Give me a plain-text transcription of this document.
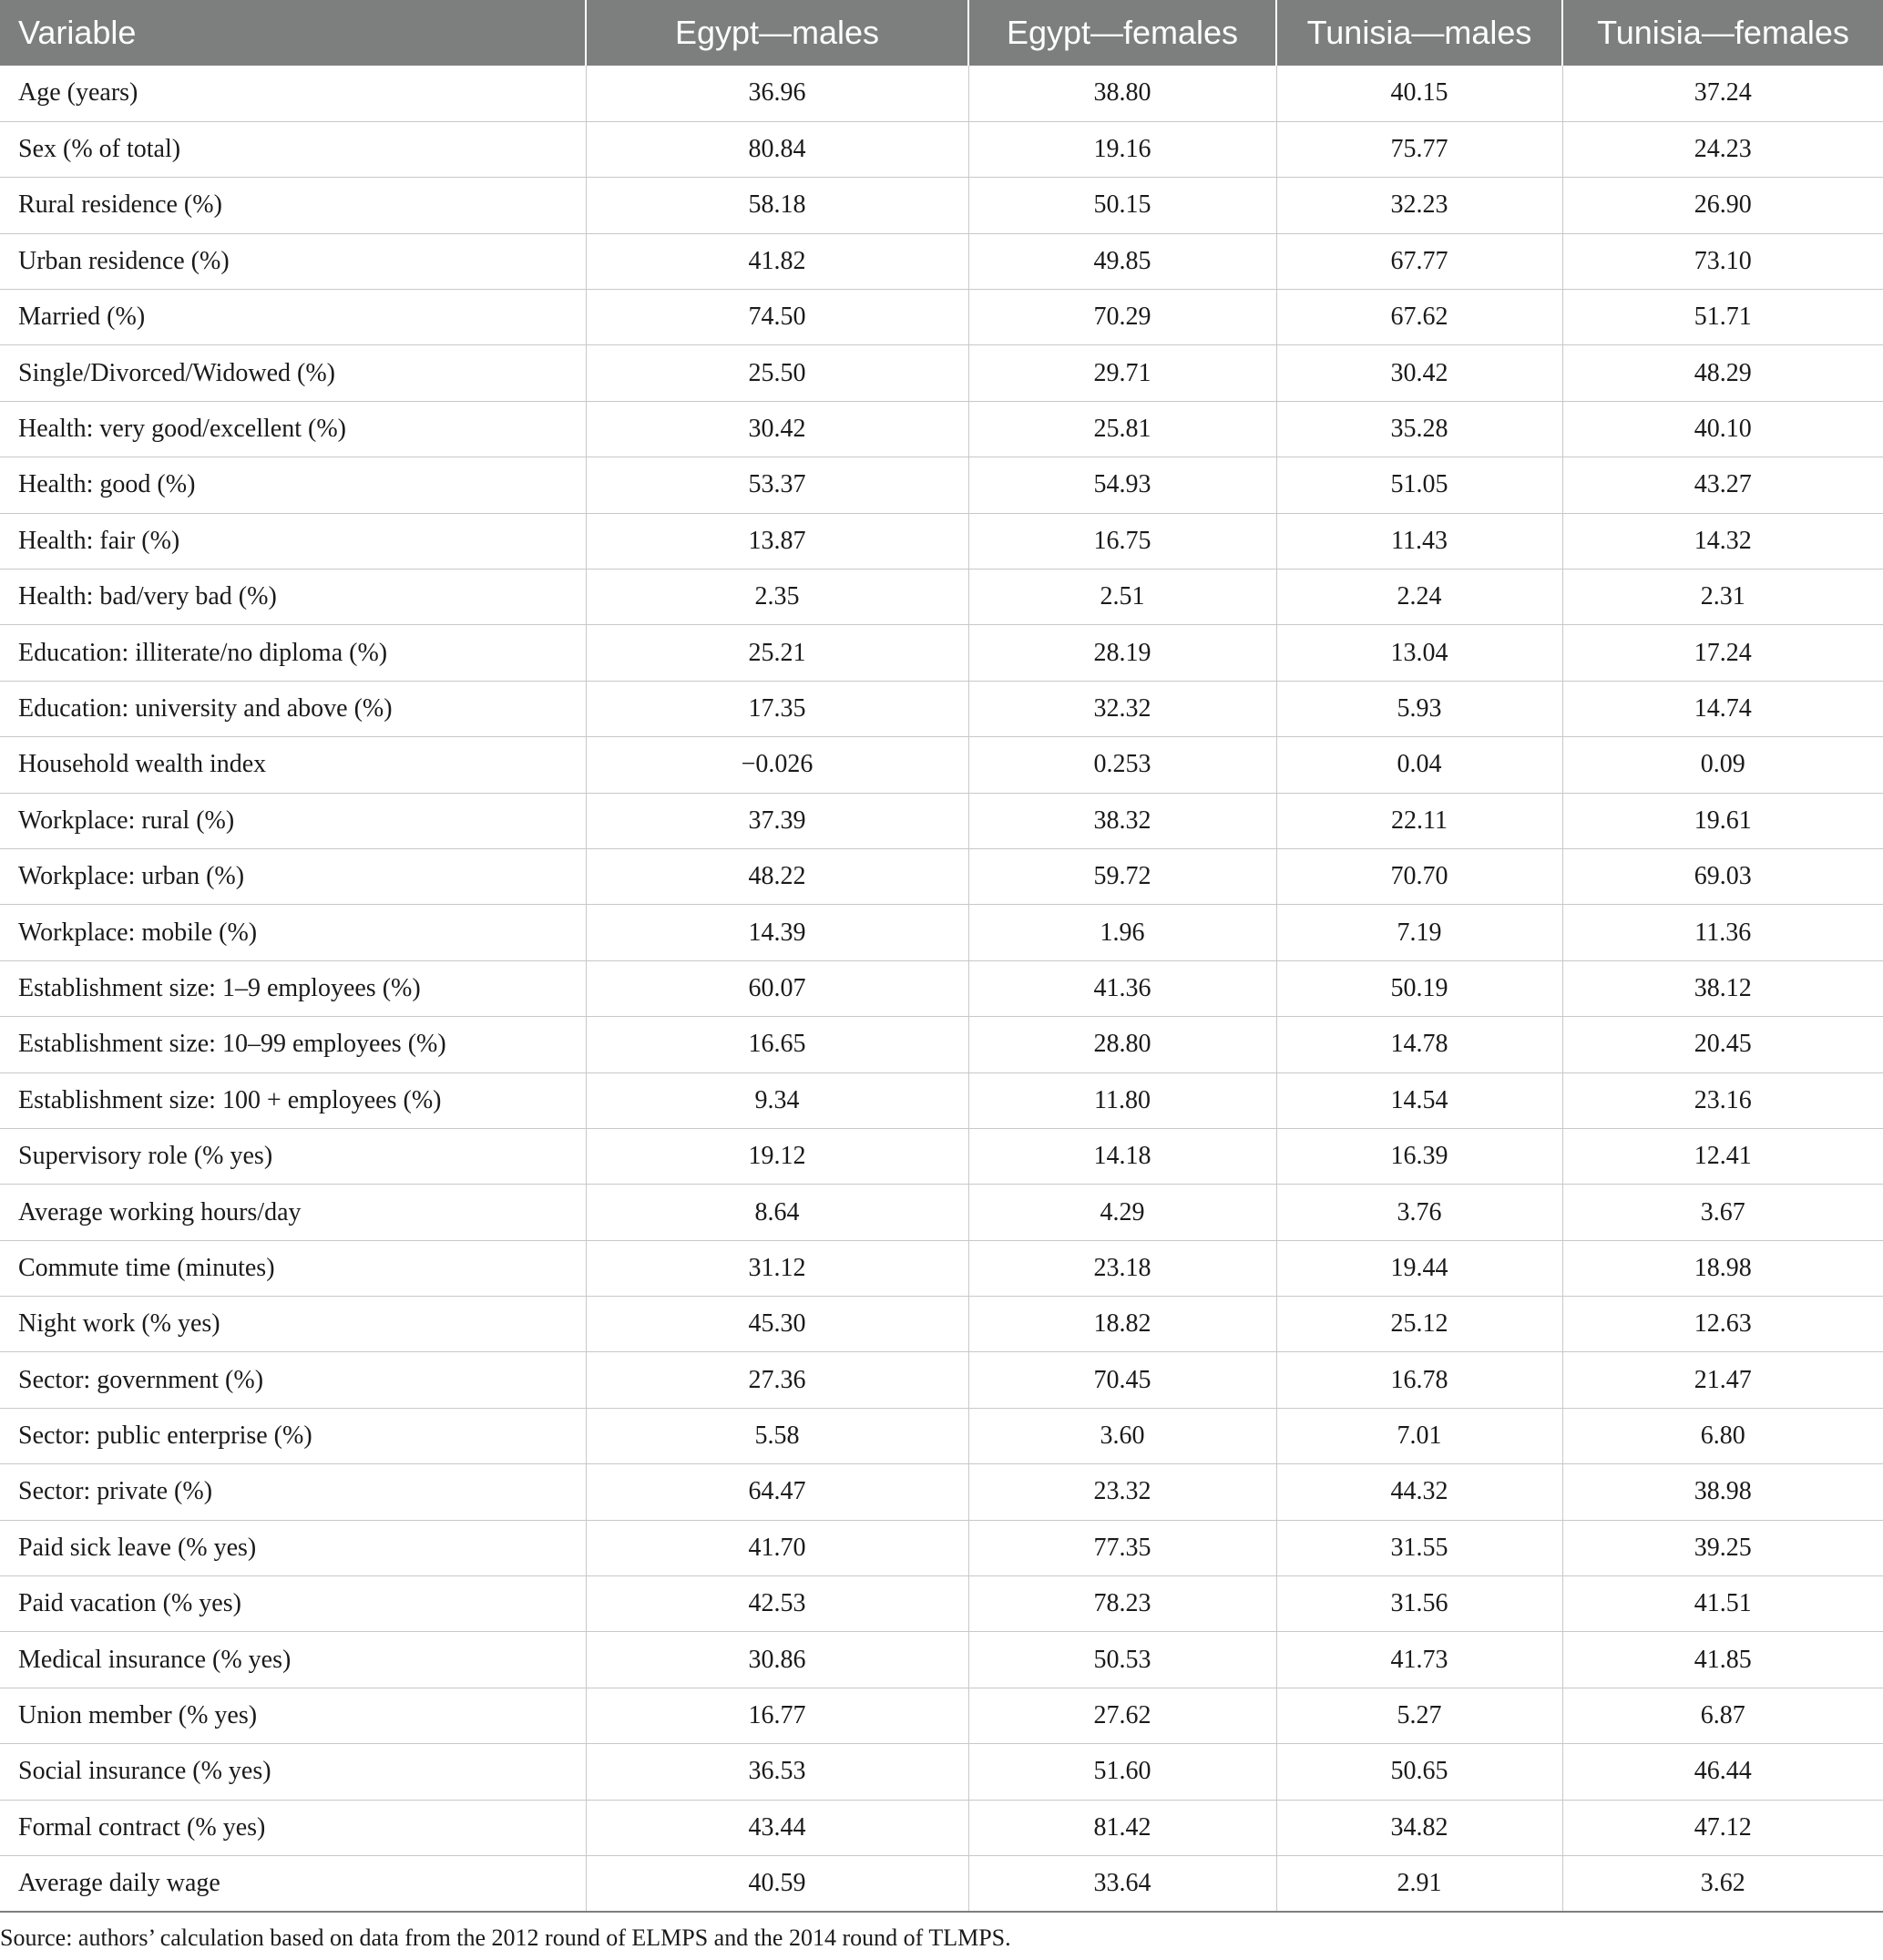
Variable	Egypt—males	Egypt—females	Tunisia—males	Tunisia—females
Age (years)	36.96	38.80	40.15	37.24
Sex (% of total)	80.84	19.16	75.77	24.23
Rural residence (%)	58.18	50.15	32.23	26.90
Urban residence (%)	41.82	49.85	67.77	73.10
Married (%)	74.50	70.29	67.62	51.71
Single/Divorced/Widowed (%)	25.50	29.71	30.42	48.29
Health: very good/excellent (%)	30.42	25.81	35.28	40.10
Health: good (%)	53.37	54.93	51.05	43.27
Health: fair (%)	13.87	16.75	11.43	14.32
Health: bad/very bad (%)	2.35	2.51	2.24	2.31
Education: illiterate/no diploma (%)	25.21	28.19	13.04	17.24
Education: university and above (%)	17.35	32.32	5.93	14.74
Household wealth index	−0.026	0.253	0.04	0.09
Workplace: rural (%)	37.39	38.32	22.11	19.61
Workplace: urban (%)	48.22	59.72	70.70	69.03
Workplace: mobile (%)	14.39	1.96	7.19	11.36
Establishment size: 1–9 employees (%)	60.07	41.36	50.19	38.12
Establishment size: 10–99 employees (%)	16.65	28.80	14.78	20.45
Establishment size: 100 + employees (%)	9.34	11.80	14.54	23.16
Supervisory role (% yes)	19.12	14.18	16.39	12.41
Average working hours/day	8.64	4.29	3.76	3.67
Commute time (minutes)	31.12	23.18	19.44	18.98
Night work (% yes)	45.30	18.82	25.12	12.63
Sector: government (%)	27.36	70.45	16.78	21.47
Sector: public enterprise (%)	5.58	3.60	7.01	6.80
Sector: private (%)	64.47	23.32	44.32	38.98
Paid sick leave (% yes)	41.70	77.35	31.55	39.25
Paid vacation (% yes)	42.53	78.23	31.56	41.51
Medical insurance (% yes)	30.86	50.53	41.73	41.85
Union member (% yes)	16.77	27.62	5.27	6.87
Social insurance (% yes)	36.53	51.60	50.65	46.44
Formal contract (% yes)	43.44	81.42	34.82	47.12
Average daily wage	40.59	33.64	2.91	3.62
Source: authors’ calculation based on data from the 2012 round of ELMPS and the 2014 round of TLMPS.
